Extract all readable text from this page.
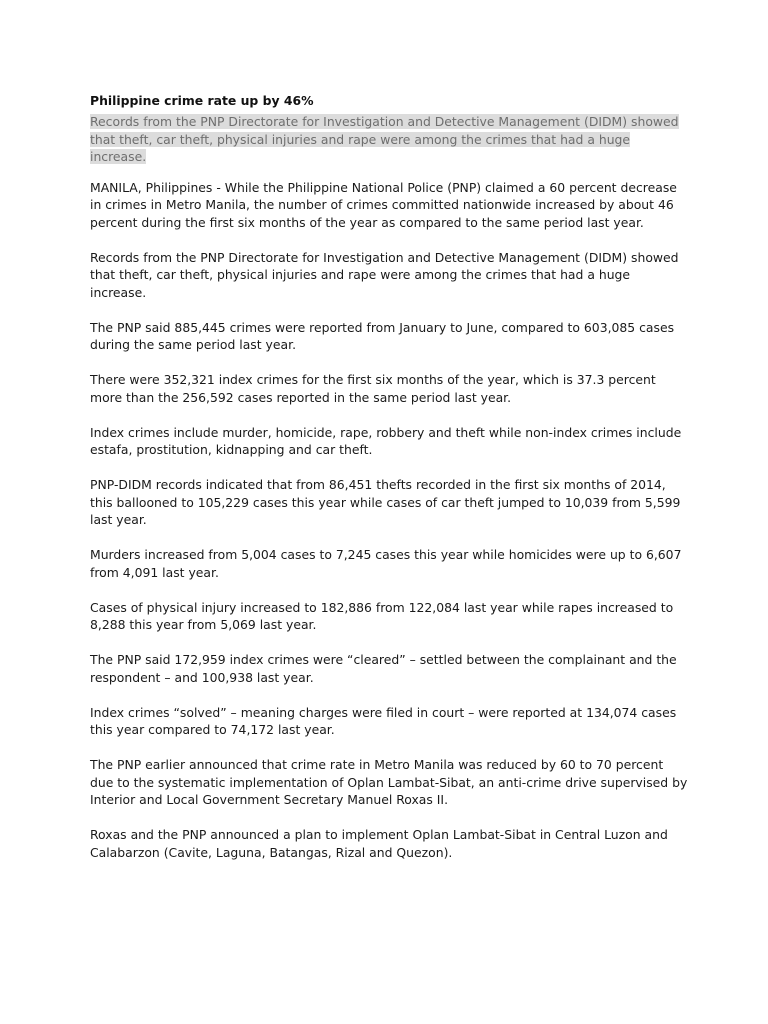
Philippine crime rate up by 46%

Records from the PNP Directorate for Investigation and Detective Management (DIDM) showed that theft, car theft, physical injuries and rape were among the crimes that had a huge increase.

MANILA, Philippines - While the Philippine National Police (PNP) claimed a 60 percent decrease in crimes in Metro Manila, the number of crimes committed nationwide increased by about 46 percent during the first six months of the year as compared to the same period last year.

Records from the PNP Directorate for Investigation and Detective Management (DIDM) showed that theft, car theft, physical injuries and rape were among the crimes that had a huge increase.

The PNP said 885,445 crimes were reported from January to June, compared to 603,085 cases during the same period last year.

There were 352,321 index crimes for the first six months of the year, which is 37.3 percent more than the 256,592 cases reported in the same period last year.

Index crimes include murder, homicide, rape, robbery and theft while non-index crimes include estafa, prostitution, kidnapping and car theft.

PNP-DIDM records indicated that from 86,451 thefts recorded in the first six months of 2014, this ballooned to 105,229 cases this year while cases of car theft jumped to 10,039 from 5,599 last year.

Murders increased from 5,004 cases to 7,245 cases this year while homicides were up to 6,607 from 4,091 last year.

Cases of physical injury increased to 182,886 from 122,084 last year while rapes increased to 8,288 this year from 5,069 last year.

The PNP said 172,959 index crimes were “cleared” – settled between the complainant and the respondent – and 100,938 last year.

Index crimes “solved” – meaning charges were filed in court – were reported at 134,074 cases this year compared to 74,172 last year.

The PNP earlier announced that crime rate in Metro Manila was reduced by 60 to 70 percent due to the systematic implementation of Oplan Lambat-Sibat, an anti-crime drive supervised by Interior and Local Government Secretary Manuel Roxas II.

Roxas and the PNP announced a plan to implement Oplan Lambat-Sibat in Central Luzon and Calabarzon (Cavite, Laguna, Batangas, Rizal and Quezon).
